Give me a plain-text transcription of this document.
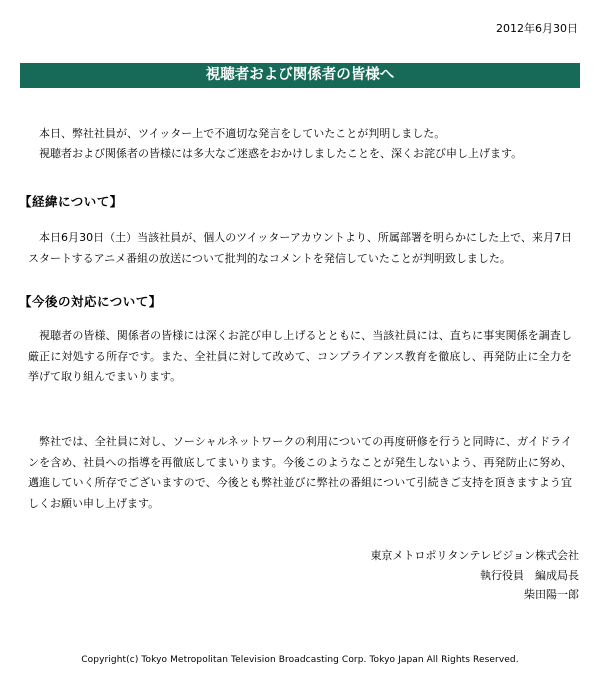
2012年6月30日
視聴者および関係者の皆様へ

本日、弊社社員が、ツイッター上で不適切な発言をしていたことが判明しました。

視聴者および関係者の皆様には多大なご迷惑をおかけしましたことを、深くお詫び申し上げます。

【経緯について】

本日6月30日（土）当該社員が、個人のツイッターアカウントより、所属部署を明らかにした上で、来月7日スタートするアニメ番組の放送について批判的なコメントを発信していたことが判明致しました。

【今後の対応について】

視聴者の皆様、関係者の皆様には深くお詫び申し上げるとともに、当該社員には、直ちに事実関係を調査し厳正に対処する所存です。また、全社員に対して改めて、コンプライアンス教育を徹底し、再発防止に全力を挙げて取り組んでまいります。

弊社では、全社員に対し、ソーシャルネットワークの利用についての再度研修を行うと同時に、ガイドラインを含め、社員への指導を再徹底してまいります。今後このようなことが発生しないよう、再発防止に努め、邁進していく所存でございますので、今後とも弊社並びに弊社の番組について引続きご支持を頂きますよう宜しくお願い申し上げます。

東京メトロポリタンテレビジョン株式会社
執行役員　編成局長
柴田陽一郎
Copyright(c) Tokyo Metropolitan Television Broadcasting Corp. Tokyo Japan All Rights Reserved.
